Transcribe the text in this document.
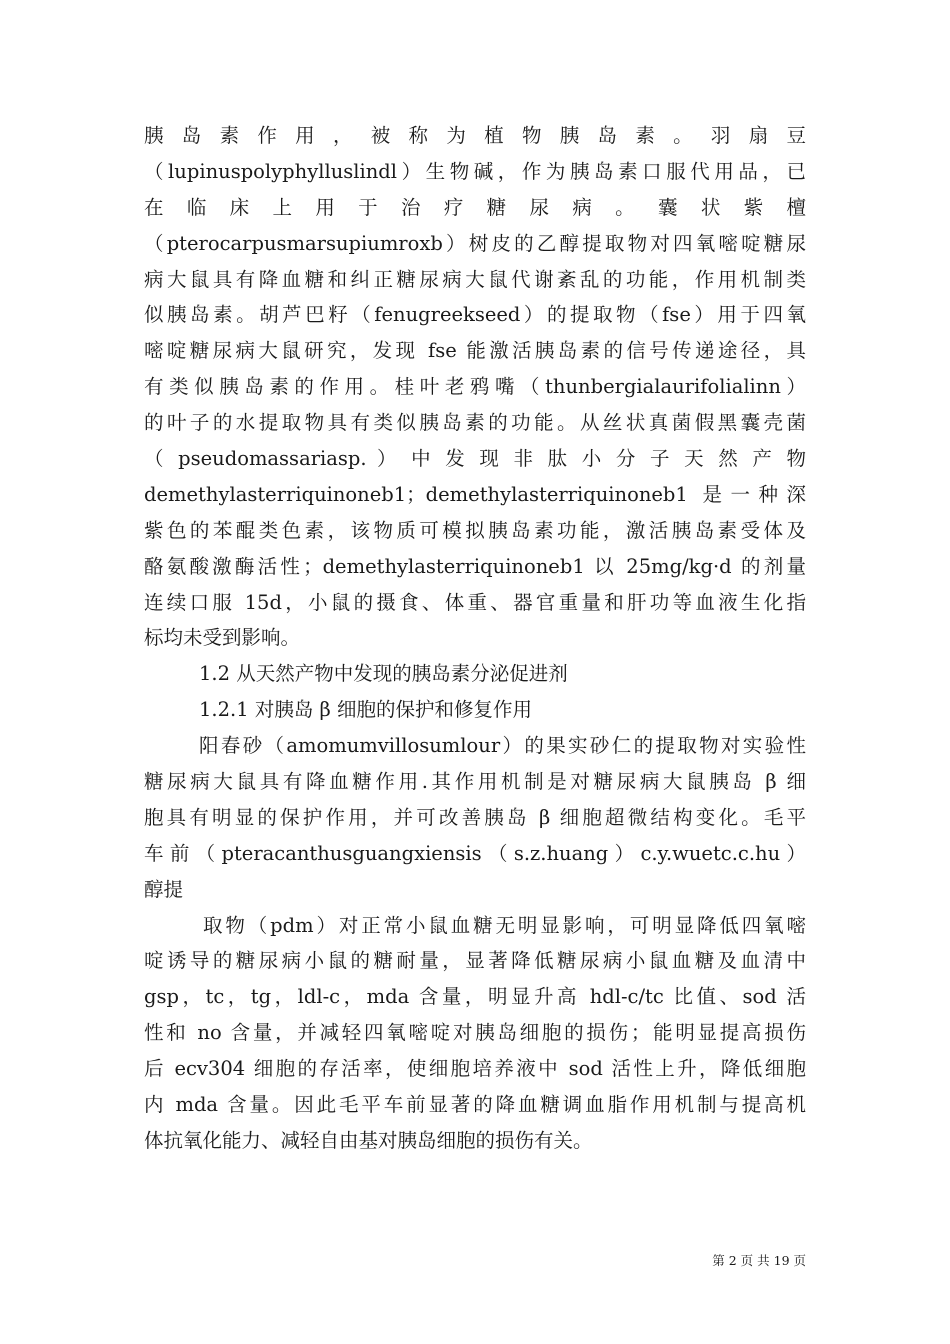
胰 岛 素 作 用 ， 被 称 为 植 物 胰 岛 素 。 羽 扇 豆
（lupinuspolyphylluslindl）生物碱，作为胰岛素口服代用品，已
在 临 床 上 用 于 治 疗 糖 尿 病 。 囊 状 紫 檀
（pterocarpusmarsupiumroxb）树皮的乙醇提取物对四氧嘧啶糖尿
病大鼠具有降血糖和纠正糖尿病大鼠代谢紊乱的功能，作用机制类
似胰岛素。胡芦巴籽（fenugreekseed）的提取物（fse）用于四氧
嘧啶糖尿病大鼠研究，发现 fse 能激活胰岛素的信号传递途径，具
有类似胰岛素的作用。桂叶老鸦嘴（thunbergialaurifolialinn）
的叶子的水提取物具有类似胰岛素的功能。从丝状真菌假黑囊壳菌
（ pseudomassariasp. ） 中 发 现 非 肽 小 分 子 天 然 产 物
demethylasterriquinoneb1；demethylasterriquinoneb1 是一种深
紫色的苯醌类色素，该物质可模拟胰岛素功能，激活胰岛素受体及
酪氨酸激酶活性；demethylasterriquinoneb1 以 25mg/kg·d 的剂量
连续口服 15d，小鼠的摄食、体重、器官重量和肝功等血液生化指
标均未受到影响。
1.2 从天然产物中发现的胰岛素分泌促进剂
1.2.1 对胰岛 β 细胞的保护和修复作用
阳春砂（amomumvillosumlour）的果实砂仁的提取物对实验性
糖尿病大鼠具有降血糖作用.其作用机制是对糖尿病大鼠胰岛 β 细
胞具有明显的保护作用，并可改善胰岛 β 细胞超微结构变化。毛平
车前（pteracanthusguangxiensis（s.z.huang）c.y.wuetc.c.hu）
醇提
取物（pdm）对正常小鼠血糖无明显影响，可明显降低四氧嘧
啶诱导的糖尿病小鼠的糖耐量，显著降低糖尿病小鼠血糖及血清中
gsp，tc，tg，ldl-c，mda 含量，明显升高 hdl-c/tc 比值、sod 活
性和 no 含量，并减轻四氧嘧啶对胰岛细胞的损伤；能明显提高损伤
后 ecv304 细胞的存活率，使细胞培养液中 sod 活性上升，降低细胞
内 mda 含量。因此毛平车前显著的降血糖调血脂作用机制与提高机
体抗氧化能力、减轻自由基对胰岛细胞的损伤有关。
第 2 页 共 19 页
